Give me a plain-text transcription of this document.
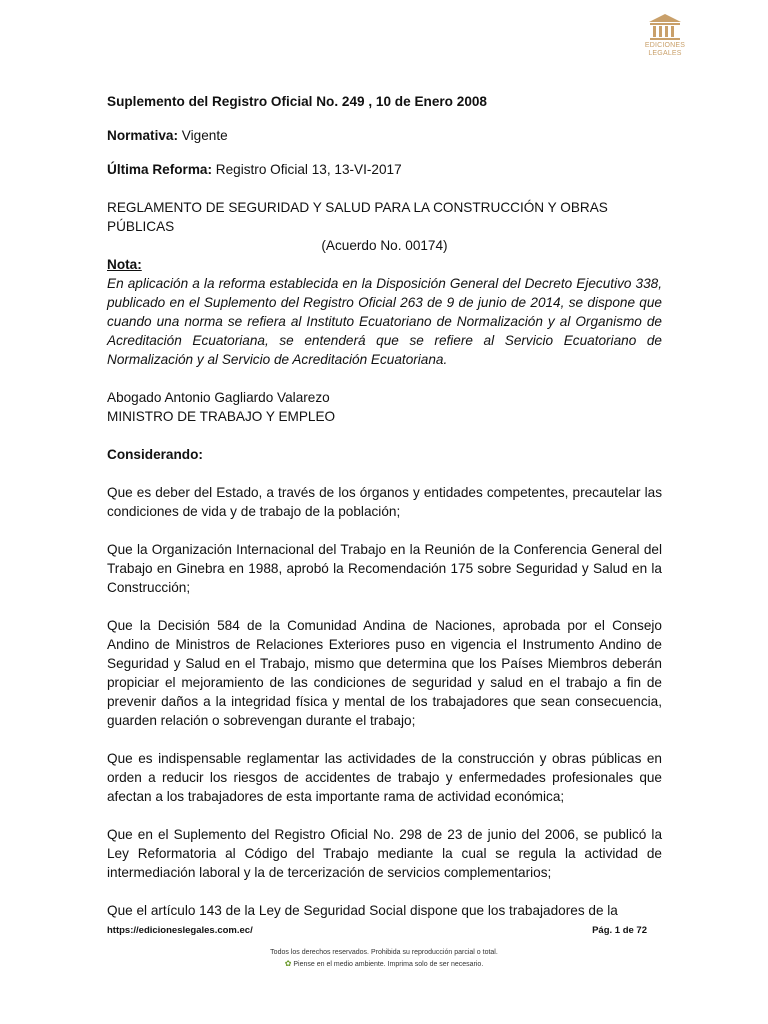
EDICIONES
LEGALES

Suplemento del Registro Oficial No. 249 , 10 de Enero 2008

Normativa: Vigente

Última Reforma: Registro Oficial 13, 13-VI-2017

REGLAMENTO DE SEGURIDAD Y SALUD PARA LA CONSTRUCCIÓN Y OBRAS PÚBLICAS

(Acuerdo No. 00174)

Nota:

En aplicación a la reforma establecida en la Disposición General del Decreto Ejecutivo 338, publicado en el Suplemento del Registro Oficial 263 de 9 de junio de 2014, se dispone que cuando una norma se refiera al Instituto Ecuatoriano de Normalización y al Organismo de Acreditación Ecuatoriana, se entenderá que se refiere al Servicio Ecuatoriano de Normalización y al Servicio de Acreditación Ecuatoriana.

Abogado Antonio Gagliardo Valarezo

MINISTRO DE TRABAJO Y EMPLEO

Considerando:

Que es deber del Estado, a través de los órganos y entidades competentes, precautelar las condiciones de vida y de trabajo de la población;

Que la Organización Internacional del Trabajo en la Reunión de la Conferencia General del Trabajo en Ginebra en 1988, aprobó la Recomendación 175 sobre Seguridad y Salud en la Construcción;

Que la Decisión 584 de la Comunidad Andina de Naciones, aprobada por el Consejo Andino de Ministros de Relaciones Exteriores puso en vigencia el Instrumento Andino de Seguridad y Salud en el Trabajo, mismo que determina que los Países Miembros deberán propiciar el mejoramiento de las condiciones de seguridad y salud en el trabajo a fin de prevenir daños a la integridad física y mental de los trabajadores que sean consecuencia, guarden relación o sobrevengan durante el trabajo;

Que es indispensable reglamentar las actividades de la construcción y obras públicas en orden a reducir los riesgos de accidentes de trabajo y enfermedades profesionales que afectan a los trabajadores de esta importante rama de actividad económica;

Que en el Suplemento del Registro Oficial No. 298 de 23 de junio del 2006, se publicó la Ley Reformatoria al Código del Trabajo mediante la cual se regula la actividad de intermediación laboral y la de tercerización de servicios complementarios;

Que el artículo 143 de la Ley de Seguridad Social dispone que los trabajadores de la

https://edicioneslegales.com.ec/	Pág. 1 de 72
Todos los derechos reservados. Prohibida su reproducción parcial o total.
✿ Piense en el medio ambiente. Imprima solo de ser necesario.
